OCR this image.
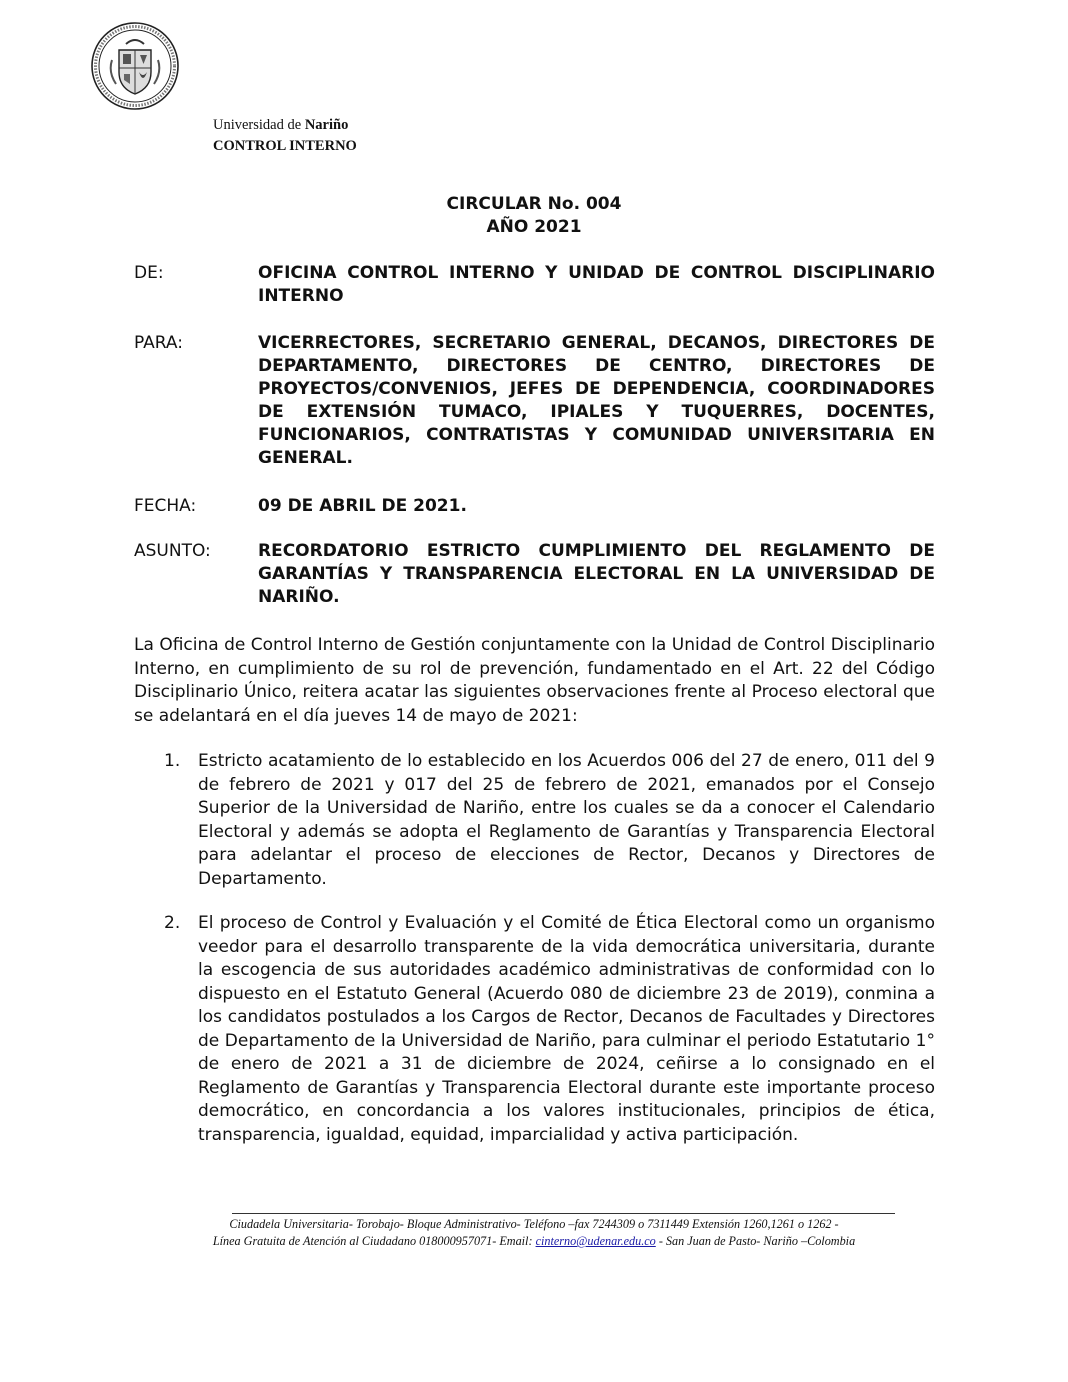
Universidad de Nariño
CONTROL INTERNO
CIRCULAR No. 004
AÑO 2021
DE:	OFICINA CONTROL INTERNO Y UNIDAD DE CONTROL DISCIPLINARIO INTERNO
PARA:	VICERRECTORES, SECRETARIO GENERAL, DECANOS, DIRECTORES DE DEPARTAMENTO, DIRECTORES DE CENTRO, DIRECTORES DE PROYECTOS/CONVENIOS, JEFES DE DEPENDENCIA, COORDINADORES DE EXTENSIÓN TUMACO, IPIALES Y TUQUERRES, DOCENTES, FUNCIONARIOS, CONTRATISTAS Y COMUNIDAD UNIVERSITARIA EN GENERAL.
FECHA:	09 DE ABRIL DE 2021.
ASUNTO:	RECORDATORIO ESTRICTO CUMPLIMIENTO DEL REGLAMENTO DE GARANTÍAS Y TRANSPARENCIA ELECTORAL EN LA UNIVERSIDAD DE NARIÑO.
La Oficina de Control Interno de Gestión conjuntamente con la Unidad de Control Disciplinario Interno, en cumplimiento de su rol de prevención, fundamentado en el Art. 22 del Código Disciplinario Único, reitera acatar las siguientes observaciones frente al Proceso electoral que se adelantará en el día jueves 14 de mayo de 2021:
1. Estricto acatamiento de lo establecido en los Acuerdos 006 del 27 de enero, 011 del 9 de febrero de 2021 y 017 del 25 de febrero de 2021, emanados por el Consejo Superior de la Universidad de Nariño, entre los cuales se da a conocer el Calendario Electoral y además se adopta el Reglamento de Garantías y Transparencia Electoral para adelantar el proceso de elecciones de Rector, Decanos y Directores de Departamento.
2. El proceso de Control y Evaluación y el Comité de Ética Electoral como un organismo veedor para el desarrollo transparente de la vida democrática universitaria, durante la escogencia de sus autoridades académico administrativas de conformidad con lo dispuesto en el Estatuto General (Acuerdo 080 de diciembre 23 de 2019), conmina a los candidatos postulados a los Cargos de Rector, Decanos de Facultades y Directores de Departamento de la Universidad de Nariño, para culminar el periodo Estatutario 1° de enero de 2021 a 31 de diciembre de 2024, ceñirse a lo consignado en el Reglamento de Garantías y Transparencia Electoral durante este importante proceso democrático, en concordancia a los valores institucionales, principios de ética, transparencia, igualdad, equidad, imparcialidad y activa participación.
Ciudadela Universitaria- Torobajo- Bloque Administrativo- Teléfono –fax 7244309 o 7311449 Extensión 1260,1261 o 1262 -
Línea Gratuita de Atención al Ciudadano 018000957071- Email: cinterno@udenar.edu.co - San Juan de Pasto- Nariño –Colombia
